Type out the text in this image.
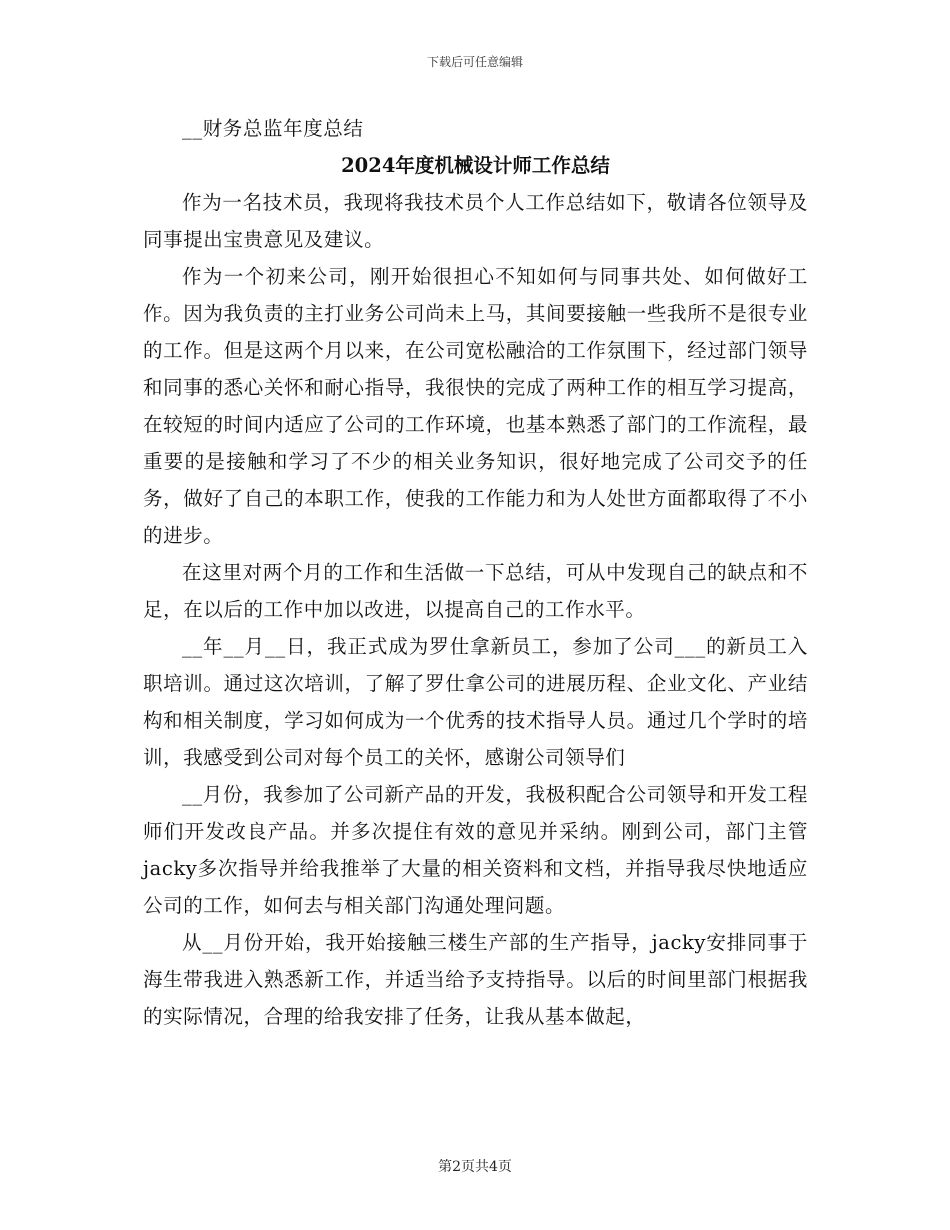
下载后可任意编辑

__财务总监年度总结

2024年度机械设计师工作总结

作为一名技术员，我现将我技术员个人工作总结如下，敬请各位领导及同事提出宝贵意见及建议。

作为一个初来公司，刚开始很担心不知如何与同事共处、如何做好工作。因为我负责的主打业务公司尚未上马，其间要接触一些我所不是很专业的工作。但是这两个月以来，在公司宽松融洽的工作氛围下，经过部门领导和同事的悉心关怀和耐心指导，我很快的完成了两种工作的相互学习提高，在较短的时间内适应了公司的工作环境，也基本熟悉了部门的工作流程，最重要的是接触和学习了不少的相关业务知识，很好地完成了公司交予的任务，做好了自己的本职工作，使我的工作能力和为人处世方面都取得了不小的进步。

在这里对两个月的工作和生活做一下总结，可从中发现自己的缺点和不足，在以后的工作中加以改进，以提高自己的工作水平。

__年__月__日，我正式成为罗仕拿新员工，参加了公司___的新员工入职培训。通过这次培训，了解了罗仕拿公司的进展历程、企业文化、产业结构和相关制度，学习如何成为一个优秀的技术指导人员。通过几个学时的培训，我感受到公司对每个员工的关怀，感谢公司领导们

__月份，我参加了公司新产品的开发，我极积配合公司领导和开发工程师们开发改良产品。并多次提住有效的意见并采纳。刚到公司，部门主管jacky多次指导并给我推举了大量的相关资料和文档，并指导我尽快地适应公司的工作，如何去与相关部门沟通处理问题。

从__月份开始，我开始接触三楼生产部的生产指导，jacky安排同事于海生带我进入熟悉新工作，并适当给予支持指导。以后的时间里部门根据我的实际情况，合理的给我安排了任务，让我从基本做起，

第2页共4页
